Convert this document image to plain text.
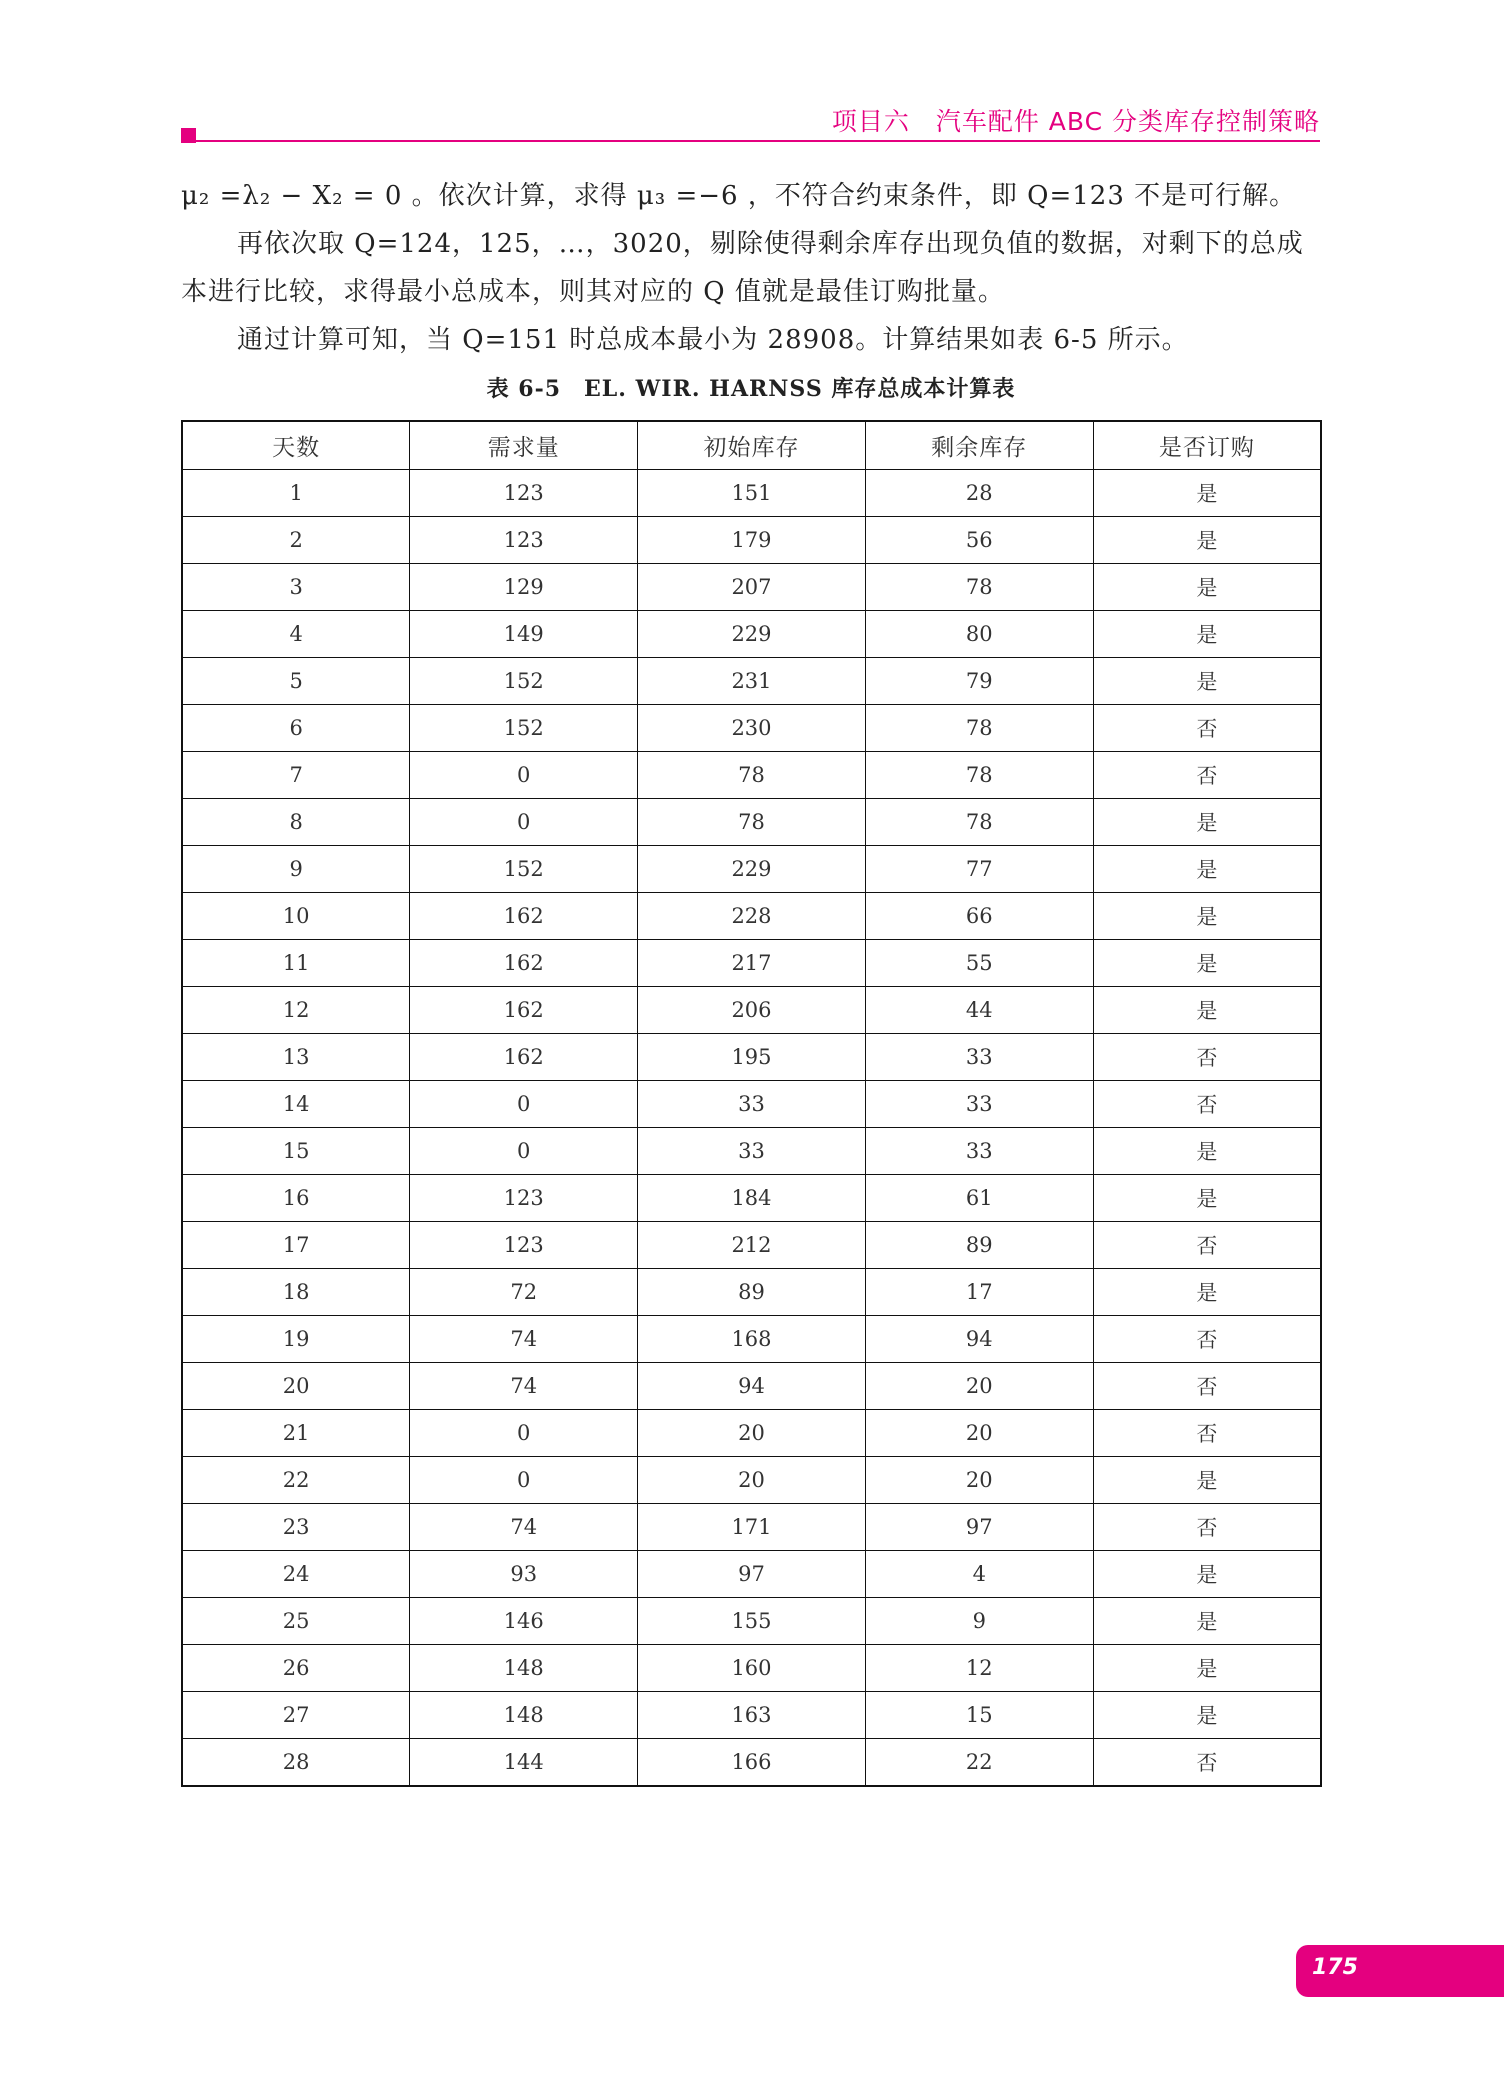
项目六 汽车配件 ABC 分类库存控制策略

μ₂ =λ₂ − X₂ = 0 。依次计算，求得 μ₃ =−6 ，不符合约束条件，即 Q=123 不是可行解。

再依次取 Q=124，125，…，3020，剔除使得剩余库存出现负值的数据，对剩下的总成本进行比较，求得最小总成本，则其对应的 Q 值就是最佳订购批量。

通过计算可知，当 Q=151 时总成本最小为 28908。计算结果如表 6-5 所示。

表 6-5　EL. WIR. HARNSS 库存总成本计算表
天数	需求量	初始库存	剩余库存	是否订购
1	123	151	28	是
2	123	179	56	是
3	129	207	78	是
4	149	229	80	是
5	152	231	79	是
6	152	230	78	否
7	0	78	78	否
8	0	78	78	是
9	152	229	77	是
10	162	228	66	是
11	162	217	55	是
12	162	206	44	是
13	162	195	33	否
14	0	33	33	否
15	0	33	33	是
16	123	184	61	是
17	123	212	89	否
18	72	89	17	是
19	74	168	94	否
20	74	94	20	否
21	0	20	20	否
22	0	20	20	是
23	74	171	97	否
24	93	97	4	是
25	146	155	9	是
26	148	160	12	是
27	148	163	15	是
28	144	166	22	否
175
